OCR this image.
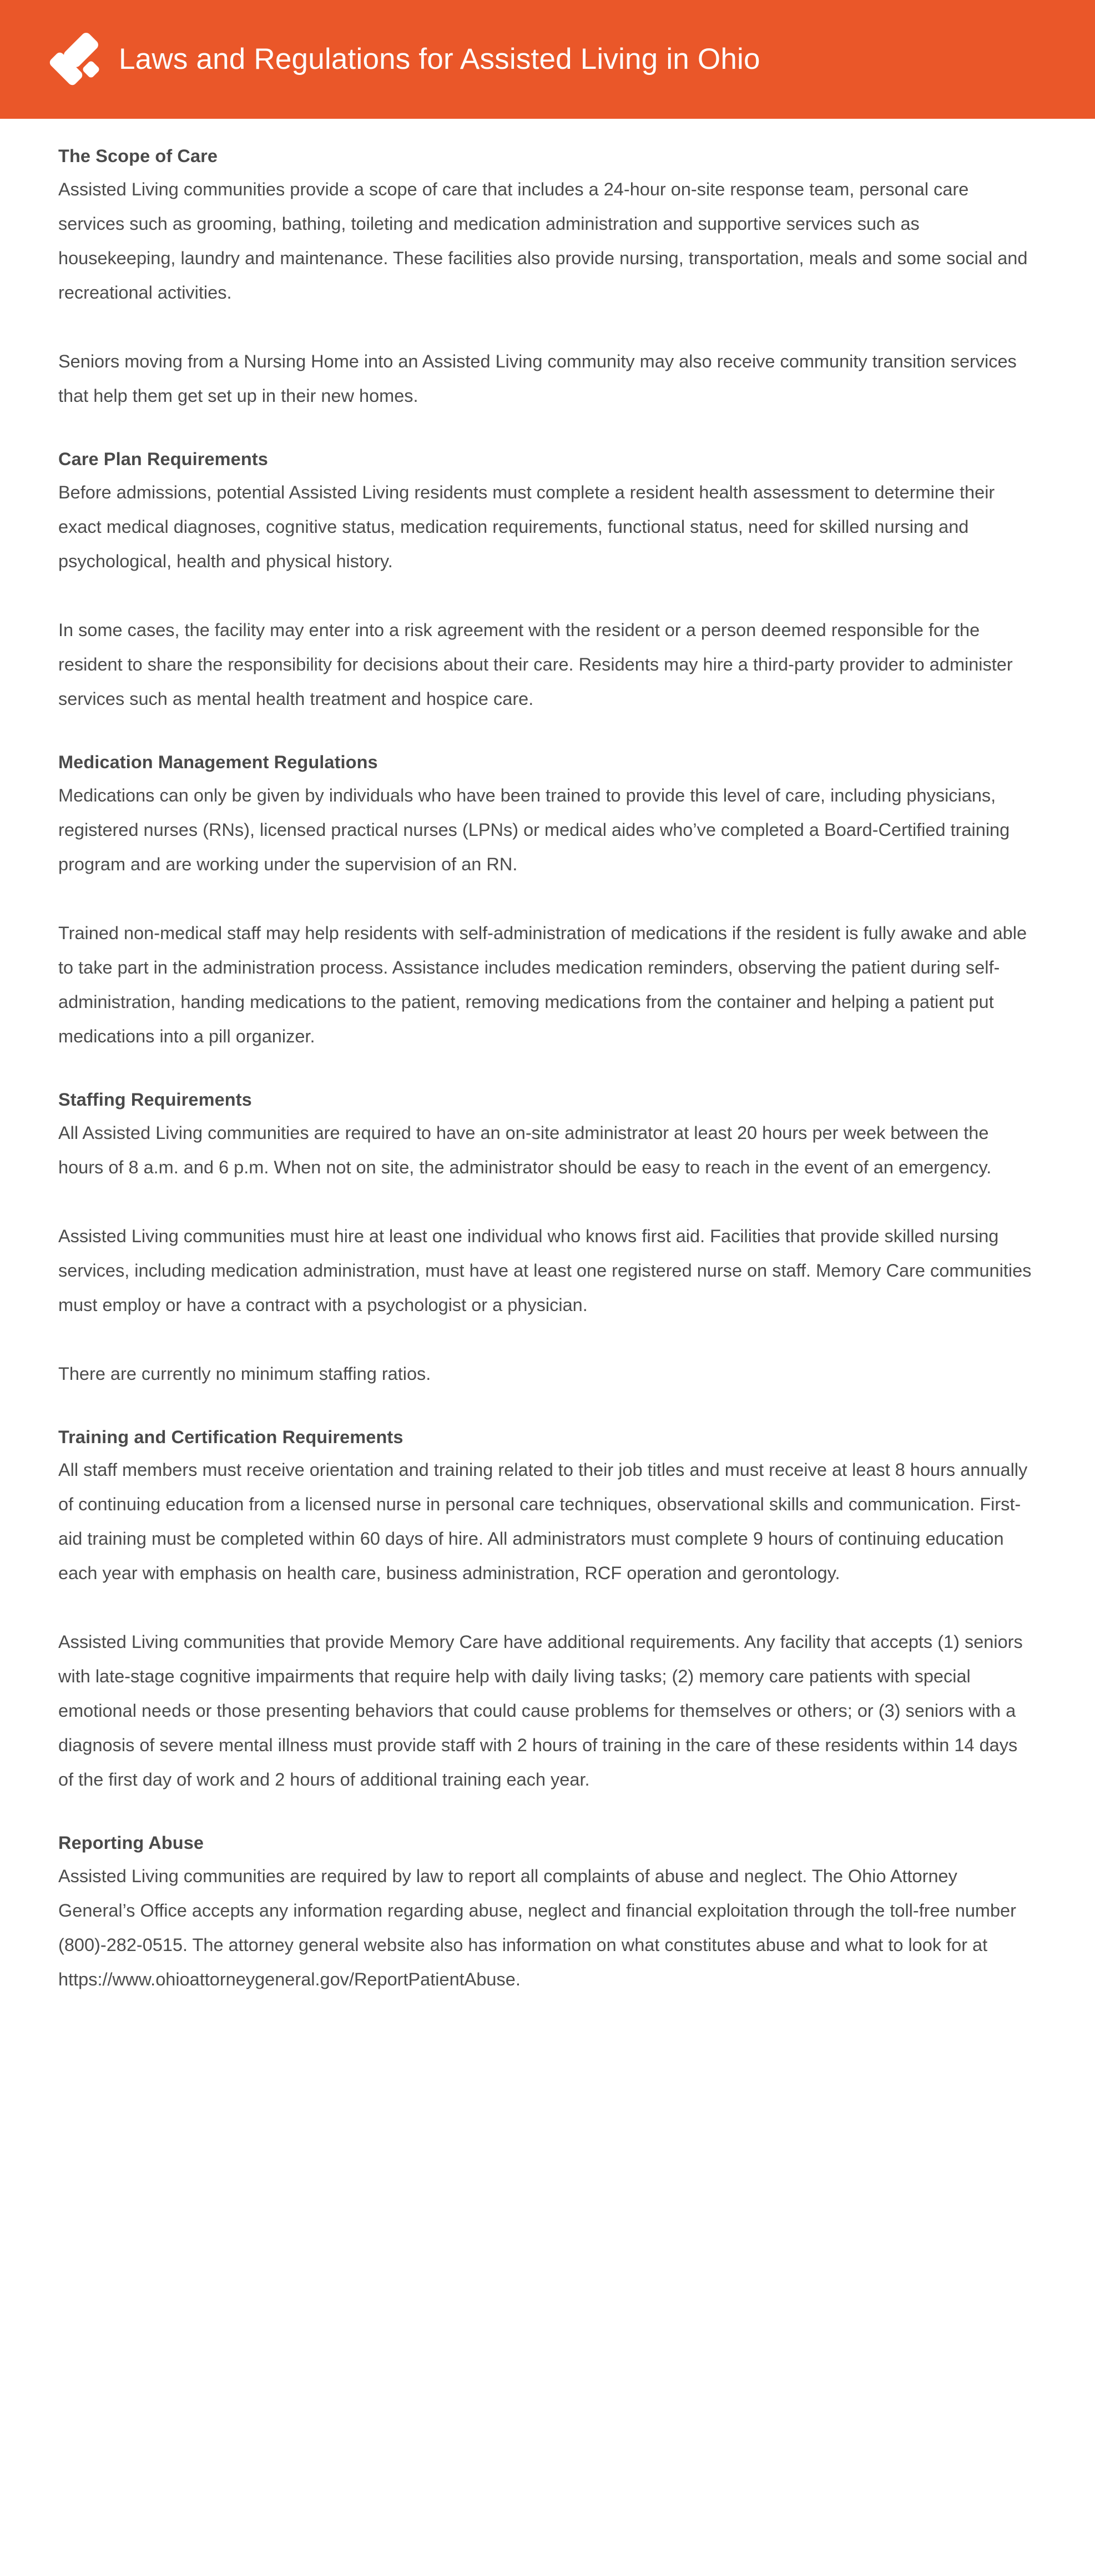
Laws and Regulations for Assisted Living in Ohio
The Scope of Care

Assisted Living communities provide a scope of care that includes a 24-hour on-site response team, personal care services such as grooming, bathing, toileting and medication administration and supportive services such as housekeeping, laundry and maintenance. These facilities also provide nursing, transportation, meals and some social and recreational activities.

Seniors moving from a Nursing Home into an Assisted Living community may also receive community transition services that help them get set up in their new homes.

Care Plan Requirements

Before admissions, potential Assisted Living residents must complete a resident health assessment to determine their exact medical diagnoses, cognitive status, medication requirements, functional status, need for skilled nursing and psychological, health and physical history.

In some cases, the facility may enter into a risk agreement with the resident or a person deemed responsible for the resident to share the responsibility for decisions about their care. Residents may hire a third-party provider to administer services such as mental health treatment and hospice care.

Medication Management Regulations

Medications can only be given by individuals who have been trained to provide this level of care, including physicians, registered nurses (RNs), licensed practical nurses (LPNs) or medical aides who’ve completed a Board-Certified training program and are working under the supervision of an RN.

Trained non-medical staff may help residents with self-administration of medications if the resident is fully awake and able to take part in the administration process. Assistance includes medication reminders, observing the patient during self-administration, handing medications to the patient, removing medications from the container and helping a patient put medications into a pill organizer.

Staffing Requirements

All Assisted Living communities are required to have an on-site administrator at least 20 hours per week between the hours of 8 a.m. and 6 p.m. When not on site, the administrator should be easy to reach in the event of an emergency.

Assisted Living communities must hire at least one individual who knows first aid. Facilities that provide skilled nursing services, including medication administration, must have at least one registered nurse on staff. Memory Care communities must employ or have a contract with a psychologist or a physician.

There are currently no minimum staffing ratios.

Training and Certification Requirements

All staff members must receive orientation and training related to their job titles and must receive at least 8 hours annually of continuing education from a licensed nurse in personal care techniques, observational skills and communication. First-aid training must be completed within 60 days of hire. All administrators must complete 9 hours of continuing education each year with emphasis on health care, business administration, RCF operation and gerontology.

Assisted Living communities that provide Memory Care have additional requirements. Any facility that accepts (1) seniors with late-stage cognitive impairments that require help with daily living tasks; (2) memory care patients with special emotional needs or those presenting behaviors that could cause problems for themselves or others; or (3) seniors with a diagnosis of severe mental illness must provide staff with 2 hours of training in the care of these residents within 14 days of the first day of work and 2 hours of additional training each year.

Reporting Abuse

Assisted Living communities are required by law to report all complaints of abuse and neglect. The Ohio Attorney General’s Office accepts any information regarding abuse, neglect and financial exploitation through the toll-free number (800)-282-0515. The attorney general website also has information on what constitutes abuse and what to look for at https://www.ohioattorneygeneral.gov/ReportPatientAbuse.
